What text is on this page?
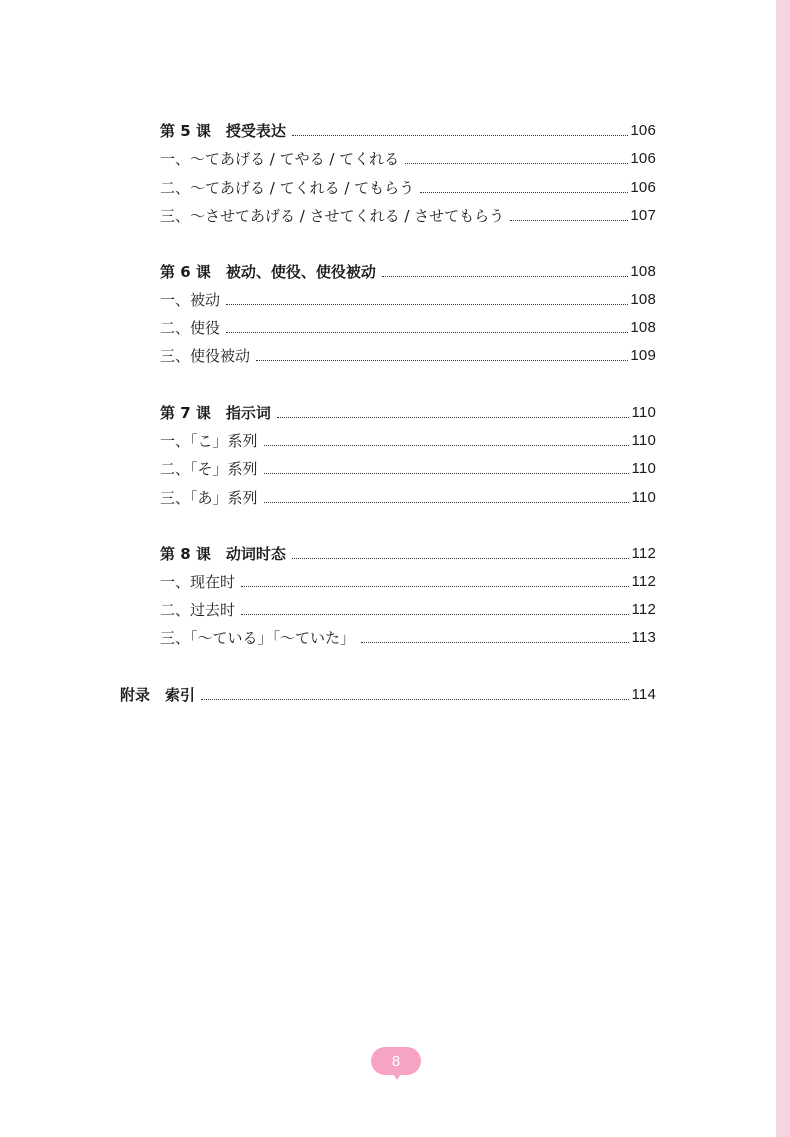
第 5 课　授受表达	106
一、～てあげる / てやる / てくれる	106
二、～てあげる / てくれる / てもらう	106
三、～させてあげる / させてくれる / させてもらう	107
第 6 课　被动、使役、使役被动	108
一、被动	108
二、使役	108
三、使役被动	109
第 7 课　指示词	110
一、「こ」系列	110
二、「そ」系列	110
三、「あ」系列	110
第 8 课　动词时态	112
一、现在时	112
二、过去时	112
三、「～ている」「～ていた」	113
附录　索引	114
8
